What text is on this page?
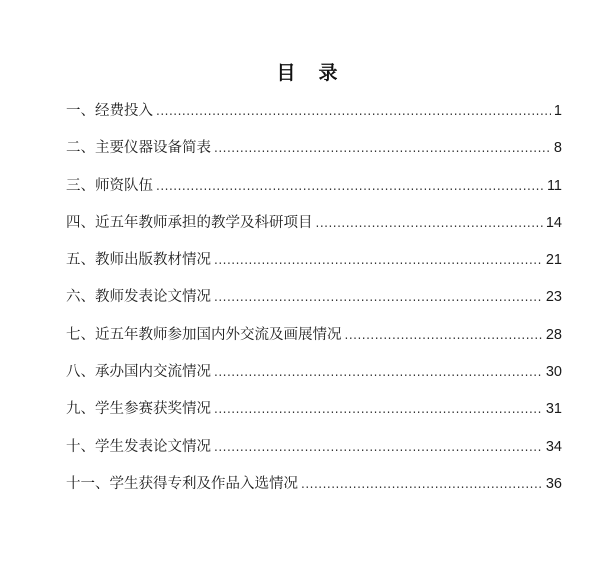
目 录
一、经费投入 .....	1
二、主要仪器设备简表 .....	8
三、师资队伍 .....	11
四、近五年教师承担的教学及科研项目 .....	14
五、教师出版教材情况 .....	21
六、教师发表论文情况 .....	23
七、近五年教师参加国内外交流及画展情况 .....	28
八、承办国内交流情况 .....	30
九、学生参赛获奖情况 .....	31
十、学生发表论文情况 .....	34
十一、学生获得专利及作品入选情况 .....	36
